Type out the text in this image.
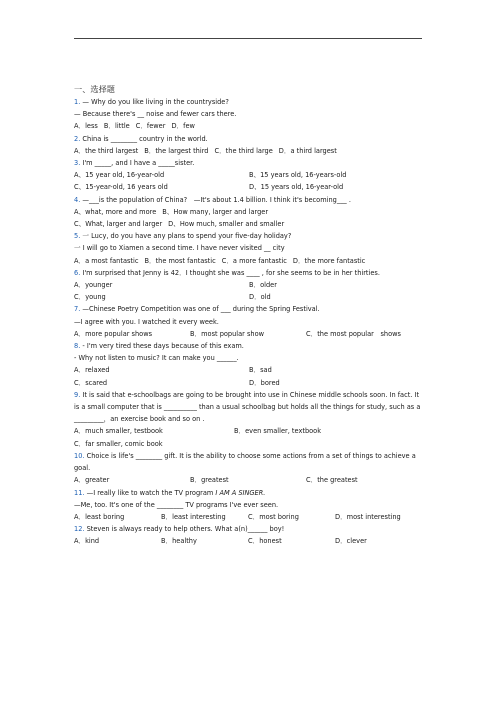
一、选择题
1. — Why do you like living in the countryside?
— Because there's __ noise and fewer cars there.
A．less B．little C．fewer D．few
2. China is ________ country in the world.
A．the third largest B．the largest third C．the third large D．a third largest
3. I'm _____, and I have a _____sister.
A、15 year old, 16-year-old	B、15 years old, 16-years-old
C、15-year-old, 16 years old	D、15 years old, 16-year-old
4. —___is the population of China?　—It's about 1.4 billion. I think it's becoming___ .
A、what, more and more B、How many, larger and larger
C、What, larger and larger D、How much, smaller and smaller
5. 一 Lucy, do you have any plans to spend your five-day holiday?
一 I will go to Xiamen a second time. I have never visited __ city
A．a most fantastic B．the most fantastic C．a more fantastic D．the more fantastic
6. I'm surprised that Jenny is 42．I thought she was ____ , for she seems to be in her thirties.
A．younger	B．older
C．young	D．old
7. —Chinese Poetry Competition was one of ___ during the Spring Festival.
—I agree with you. I watched it every week.
A．more popular shows	B．most popular show	C．the most popular　shows
8. - I'm very tired these days because of this exam.
- Why not listen to music? It can make you ______.
A．relaxed	B．sad
C．scared	D．bored
9. It is said that e-schoolbags are going to be brought into use in Chinese middle schools soon. In fact. It is a small computer that is __________ than a usual schoolbag but holds all the things for study, such as a _________，an exercise book and so on .
A．much smaller, testbook	B．even smaller, textbook
C．far smaller, comic book
10. Choice is life's ________ gift. It is the ability to choose some actions from a set of things to achieve a goal.
A．greater	B．greatest	C．the greatest
11. —I really like to watch the TV program I AM A SINGER.
—Me, too. It's one of the ________ TV programs I've ever seen.
A．least boring	B．least interesting	C．most boring	D．most interesting
12. Steven is always ready to help others. What a(n)______ boy!
A．kind	B．healthy	C．honest	D．clever
